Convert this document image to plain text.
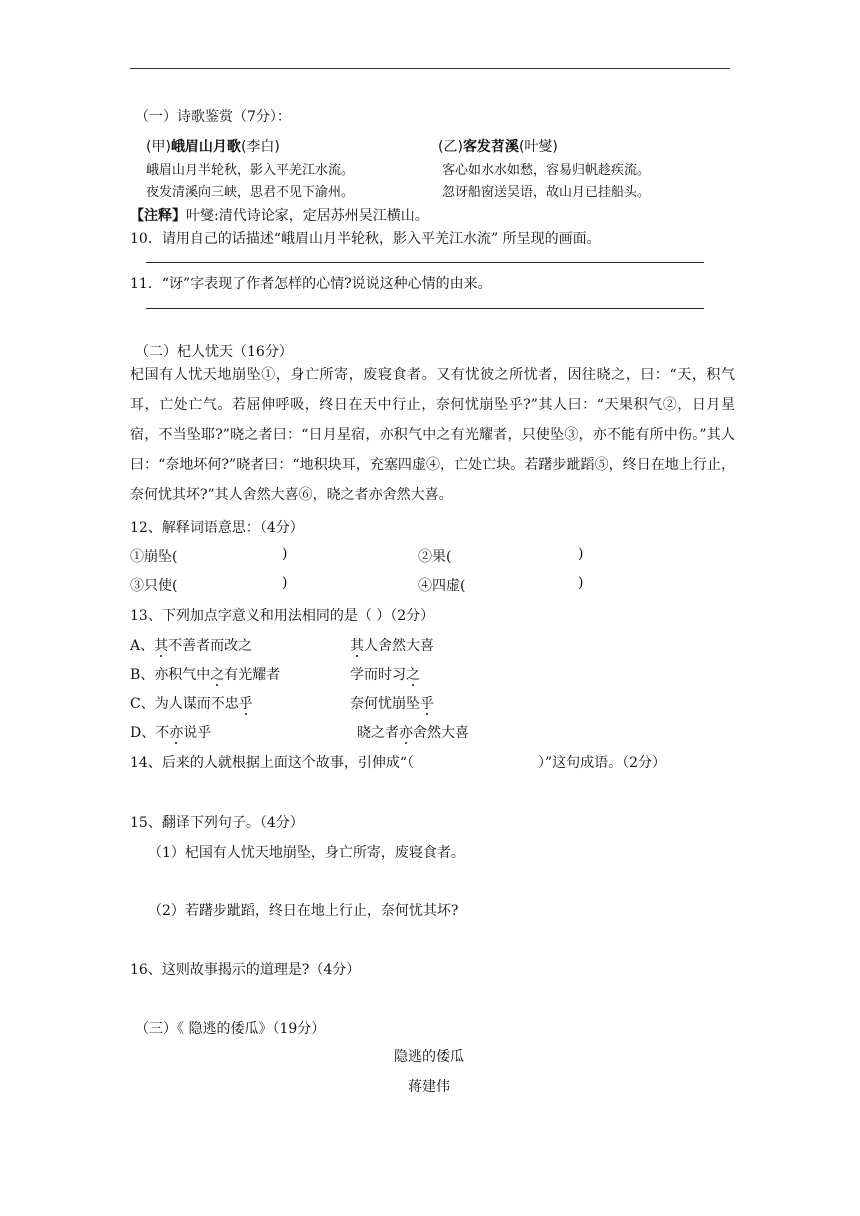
（一）诗歌鉴赏（7分）：
(甲)峨眉山月歌(李白)	(乙)客发苕溪(叶燮)
峨眉山月半轮秋，影入平羌江水流。	客心如水水如愁，容易归帆趁疾流。
夜发清溪向三峡，思君不见下渝州。	忽讶船窗送吴语，故山月已挂船头。
【注释】叶燮:清代诗论家，定居苏州吴江横山。
10．请用自己的话描述“峨眉山月半轮秋，影入平羌江水流” 所呈现的画面。
11．“讶”字表现了作者怎样的心情?说说这种心情的由来。
（二）杞人忧天（16分）
杞国有人忧天地崩坠①，身亡所寄，废寝食者。又有忧彼之所忧者，因往晓之，曰：“天，积气耳，亡处亡气。若屈伸呼吸，终日在天中行止，奈何忧崩坠乎?”其人曰：“天果积气②，日月星宿，不当坠耶?”晓之者曰：“日月星宿，亦积气中之有光耀者，只使坠③，亦不能有所中伤。”其人曰：“奈地坏何?”晓者曰：“地积块耳，充塞四虚④，亡处亡块。若躇步跐蹈⑤，终日在地上行止，奈何忧其坏?”其人舍然大喜⑥，晓之者亦舍然大喜。
12、解释词语意思：（4分）
①崩坠(	)	②果(	)
③只使(	)	④四虚(	)
13、下列加点字意义和用法相同的是（ ）（2分）
A、其不善者而改之	其人舍然大喜
B、亦积气中之有光耀者	学而时习之
C、为人谋而不忠乎	奈何忧崩坠乎
D、不亦说乎	晓之者亦舍然大喜
14、后来的人就根据上面这个故事，引伸成“（	）”这句成语。（2分）
15、翻译下列句子。（4分）
（1）杞国有人忧天地崩坠，身亡所寄，废寝食者。
（2）若躇步跐蹈，终日在地上行止，奈何忧其坏?
16、这则故事揭示的道理是?（4分）
（三）《 隐逃的倭瓜》（19分）
隐逃的倭瓜
蒋建伟
